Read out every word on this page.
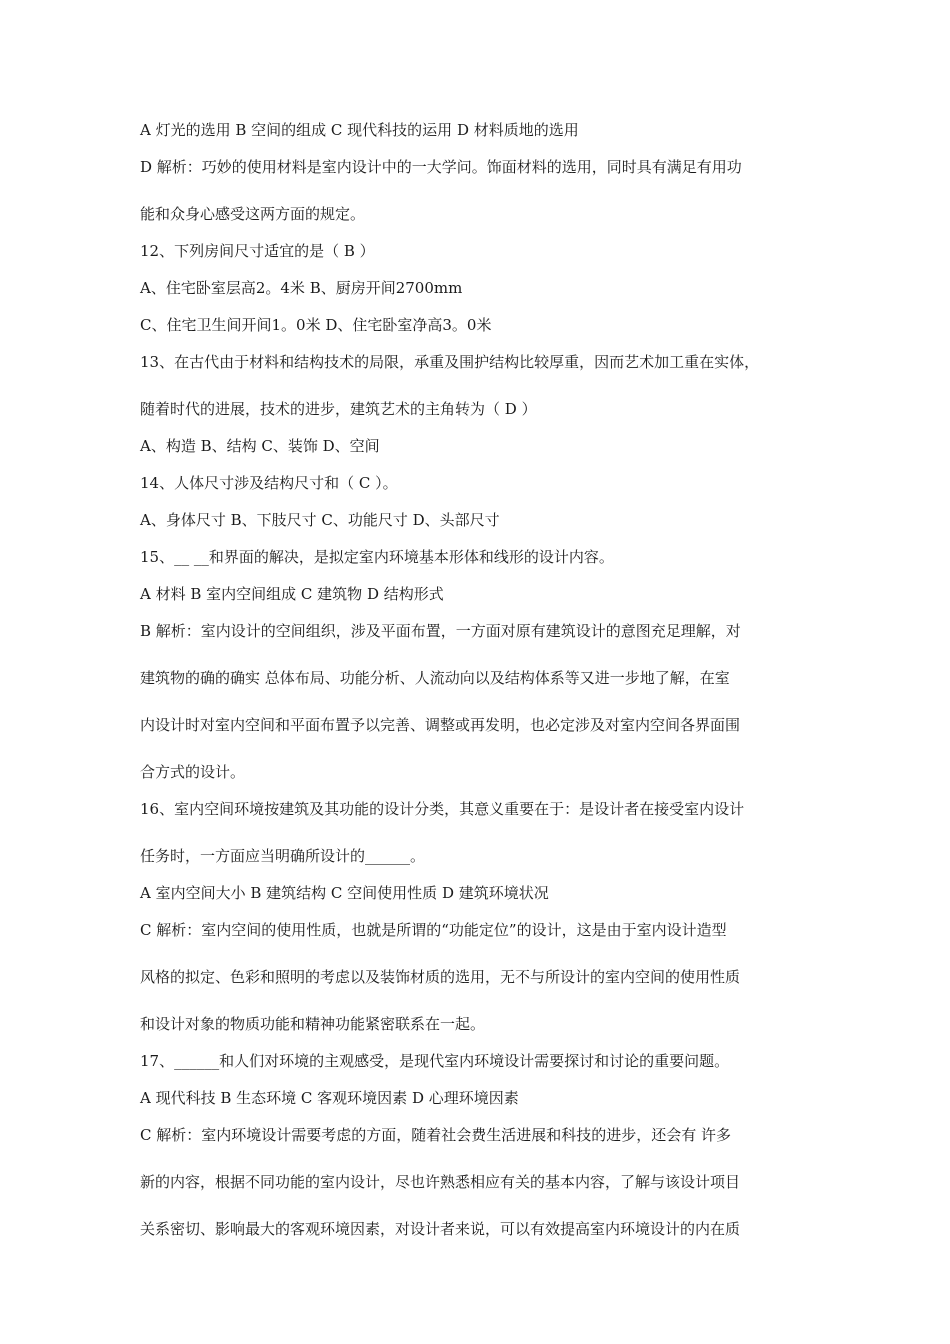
A 灯光的选用 B 空间的组成 C 现代科技的运用 D 材料质地的选用

D 解析：巧妙的使用材料是室内设计中的一大学问。饰面材料的选用，同时具有满足有用功

能和众身心感受这两方面的规定。

12、下列房间尺寸适宜的是（ B ）

A、住宅卧室层高2。4米 B、厨房开间2700mm

C、住宅卫生间开间1。0米 D、住宅卧室净高3。0米

13、在古代由于材料和结构技术的局限，承重及围护结构比较厚重，因而艺术加工重在实体，

随着时代的进展，技术的进步，建筑艺术的主角转为（ D ）

A、构造 B、结构 C、装饰 D、空间

14、人体尺寸涉及结构尺寸和（ C ）。

A、身体尺寸 B、下肢尺寸 C、功能尺寸 D、头部尺寸

15、__ __和界面的解决，是拟定室内环境基本形体和线形的设计内容。

A 材料 B 室内空间组成 C 建筑物 D 结构形式

B 解析：室内设计的空间组织，涉及平面布置，一方面对原有建筑设计的意图充足理解，对

建筑物的确的确实 总体布局、功能分析、人流动向以及结构体系等又进一步地了解，在室

内设计时对室内空间和平面布置予以完善、调整或再发明，也必定涉及对室内空间各界面围

合方式的设计。

16、室内空间环境按建筑及其功能的设计分类，其意义重要在于：是设计者在接受室内设计

任务时，一方面应当明确所设计的______。

A 室内空间大小 B 建筑结构 C 空间使用性质 D 建筑环境状况

C 解析：室内空间的使用性质，也就是所谓的“功能定位”的设计，这是由于室内设计造型

风格的拟定、色彩和照明的考虑以及装饰材质的选用，无不与所设计的室内空间的使用性质

和设计对象的物质功能和精神功能紧密联系在一起。

17、______和人们对环境的主观感受，是现代室内环境设计需要探讨和讨论的重要问题。

A 现代科技 B 生态环境 C 客观环境因素 D 心理环境因素

C 解析：室内环境设计需要考虑的方面，随着社会费生活进展和科技的进步，还会有 许多

新的内容，根据不同功能的室内设计，尽也许熟悉相应有关的基本内容，了解与该设计项目

关系密切、影响最大的客观环境因素，对设计者来说，可以有效提高室内环境设计的内在质
